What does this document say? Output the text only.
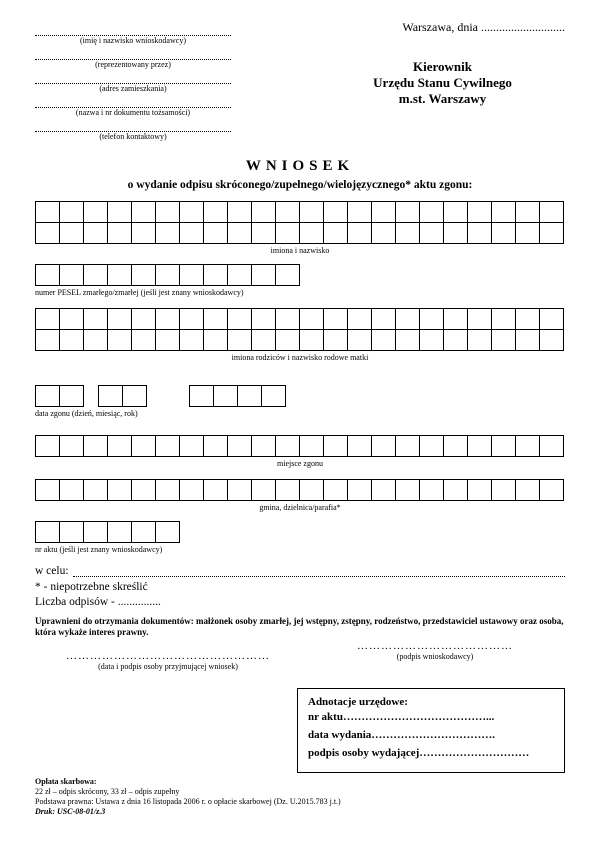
(imię i nazwisko wnioskodawcy)
(reprezentowany przez)
(adres zamieszkania)
(nazwa i nr dokumentu tożsamości)
(telefon kontaktowy)
Warszawa, dnia ............................
Kierownik
Urzędu Stanu Cywilnego
m.st. Warszawy
WNIOSEK
o wydanie odpisu skróconego/zupełnego/wielojęzycznego* aktu zgonu:
imiona i nazwisko
numer PESEL zmarłego/zmarłej (jeśli jest znany wnioskodawcy)
imiona rodziców i nazwisko rodowe matki
data zgonu (dzień, miesiąc, rok)
miejsce zgonu
gmina, dzielnica/parafia*
nr aktu (jeśli jest znany wnioskodawcy)
w celu:
* - niepotrzebne skreślić
Liczba odpisów - ...............
Uprawnieni do otrzymania dokumentów: małżonek osoby zmarłej, jej wstępny, zstępny, rodzeństwo, przedstawiciel ustawowy oraz osoba, która wykaże interes prawny.
…………………………………
(podpis wnioskodawcy)
……………………………………………
(data i podpis osoby przyjmującej wniosek)
Adnotacje urzędowe:
nr aktu…………………………………...
data wydania…………………………….
podpis osoby wydającej…………………………
Opłata skarbowa:
22 zł – odpis skrócony, 33 zł – odpis zupełny
Podstawa prawna: Ustawa z dnia 16 listopada 2006 r. o opłacie skarbowej (Dz. U.2015.783 j.t.)
Druk: USC-08-01/z.3
